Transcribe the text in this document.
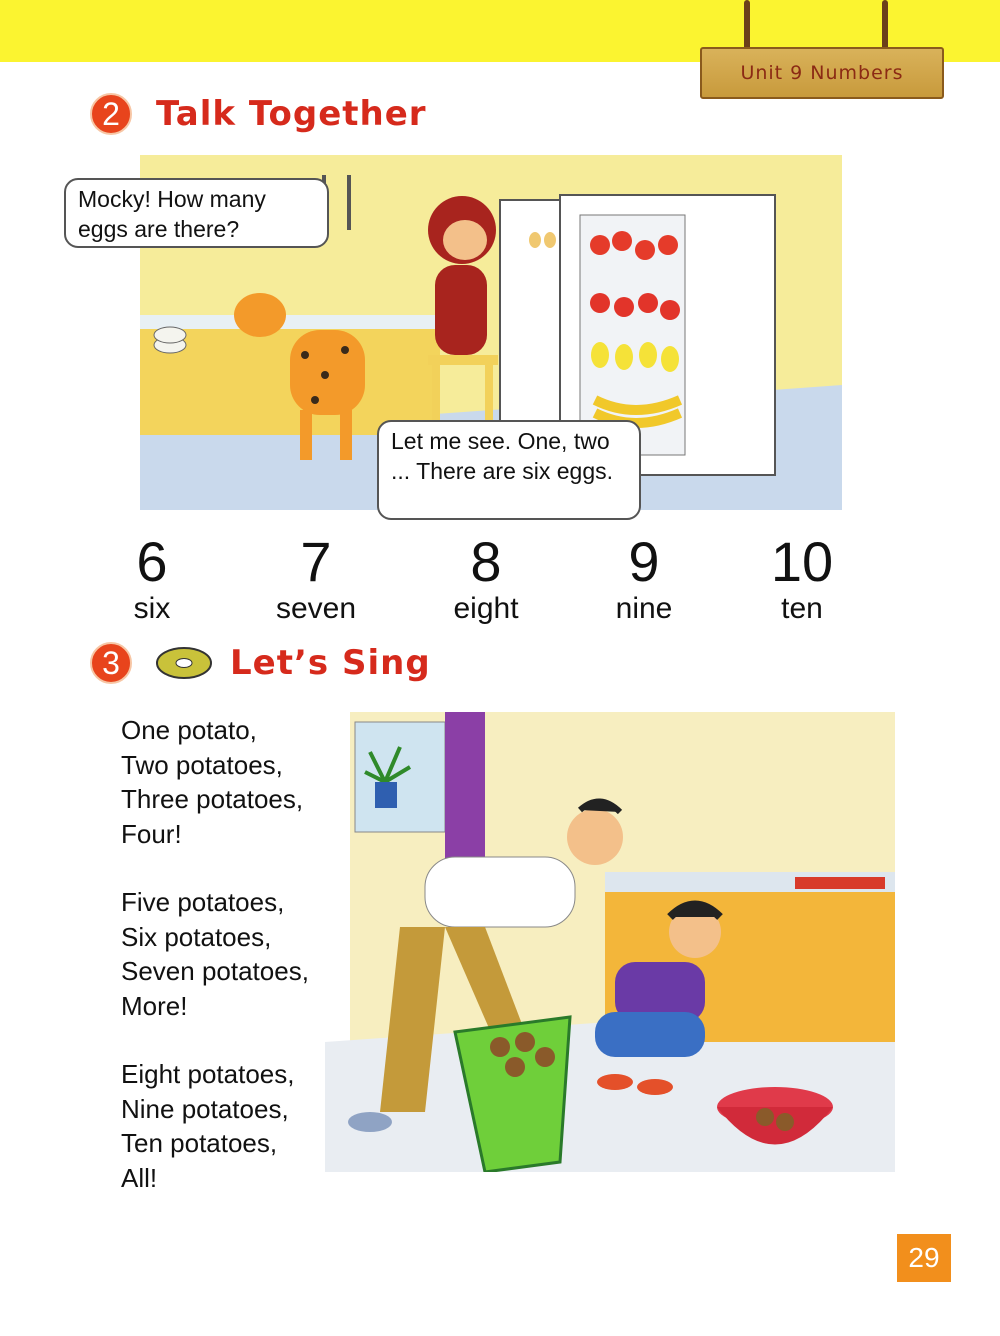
Unit 9 Numbers
2	Talk Together
Mocky! How many eggs are there?
Let me see. One, two ... There are six eggs.
6
six
7
seven
8
eight
9
nine
10
ten
3	Let’s Sing
One potato,
Two potatoes,
Three potatoes,
Four!
Five potatoes,
Six potatoes,
Seven potatoes,
More!
Eight potatoes,
Nine potatoes,
Ten potatoes,
All!
29
